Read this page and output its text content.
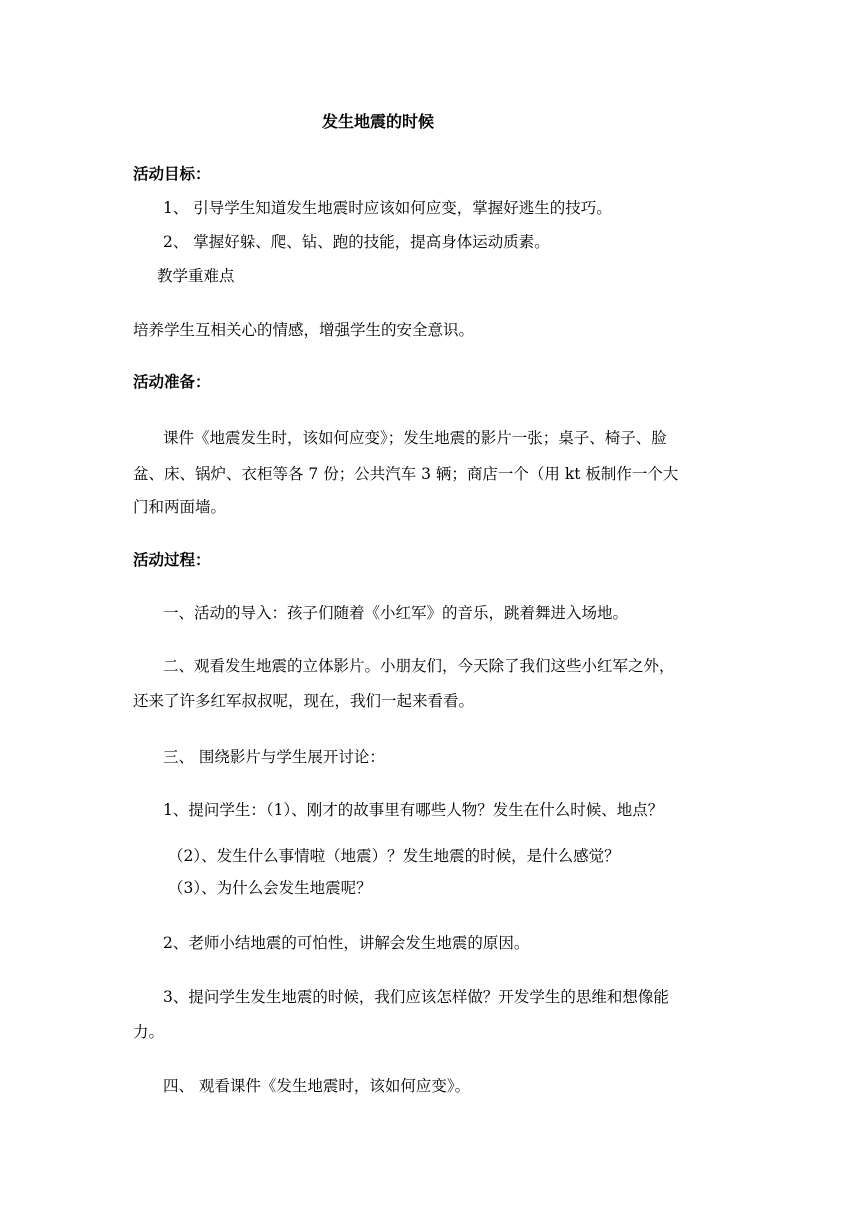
发生地震的时候
活动目标：
1、 引导学生知道发生地震时应该如何应变，掌握好逃生的技巧。
2、 掌握好躲、爬、钻、跑的技能，提高身体运动质素。
教学重难点
培养学生互相关心的情感，增强学生的安全意识。
活动准备：
课件《地震发生时，该如何应变》；发生地震的影片一张；桌子、椅子、脸
盆、床、锅炉、衣柜等各 7 份；公共汽车 3 辆；商店一个（用 kt 板制作一个大
门和两面墙。
活动过程：
一、活动的导入：孩子们随着《小红军》的音乐，跳着舞进入场地。
二、观看发生地震的立体影片。小朋友们，今天除了我们这些小红军之外，
还来了许多红军叔叔呢，现在，我们一起来看看。
三、 围绕影片与学生展开讨论：
1、提问学生：（1）、刚才的故事里有哪些人物？发生在什么时候、地点？
（2）、发生什么事情啦（地震）？发生地震的时候，是什么感觉？
（3）、为什么会发生地震呢？
2、老师小结地震的可怕性，讲解会发生地震的原因。
3、提问学生发生地震的时候，我们应该怎样做？开发学生的思维和想像能
力。
四、 观看课件《发生地震时，该如何应变》。
